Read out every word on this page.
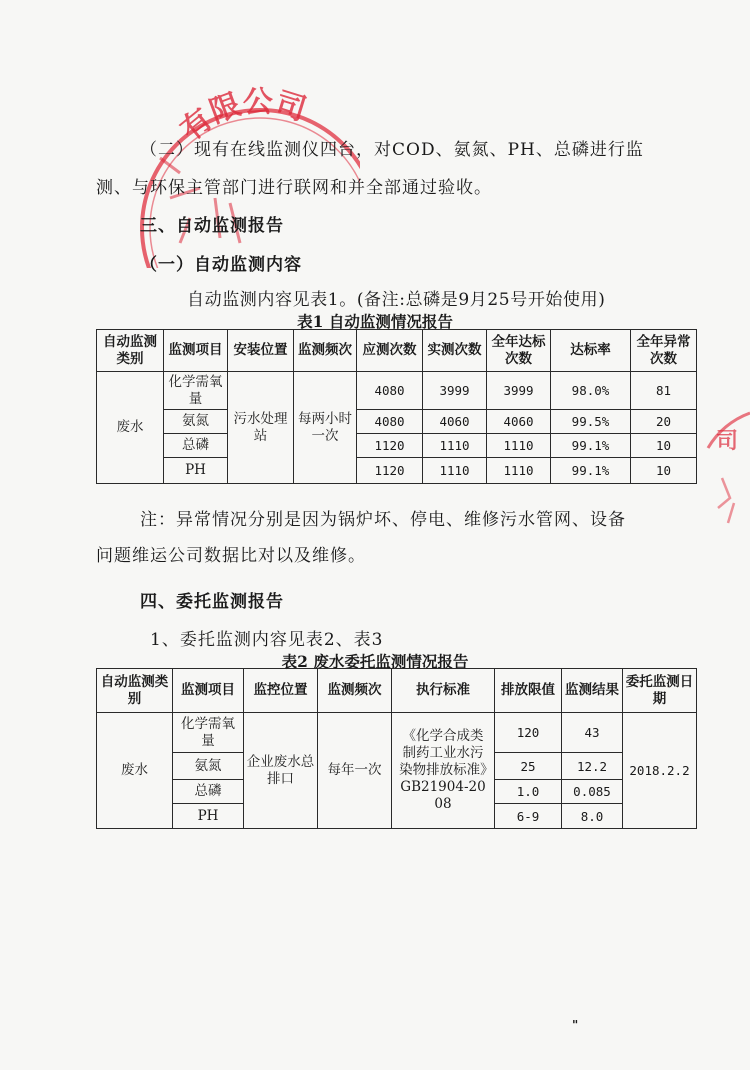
有限公司
司
（二）现有在线监测仪四台，对COD、氨氮、PH、总磷进行监
测、与环保主管部门进行联网和并全部通过验收。
三、自动监测报告
（一）自动监测内容
自动监测内容见表1。(备注:总磷是9月25号开始使用)
表1 自动监测情况报告
自动监测类别	监测项目	安装位置	监测频次	应测次数	实测次数	全年达标次数	达标率	全年异常次数
废水	化学需氧量	污水处理站	每两小时一次	4080	3999	3999	98.0%	81
	氨氮			4080	4060	4060	99.5%	20
	总磷			1120	1110	1110	99.1%	10
	PH			1120	1110	1110	99.1%	10
注：异常情况分别是因为锅炉坏、停电、维修污水管网、设备
问题维运公司数据比对以及维修。
四、委托监测报告
1、委托监测内容见表2、表3
表2 废水委托监测情况报告
自动监测类别	监测项目	监控位置	监测频次	执行标准	排放限值	监测结果	委托监测日期
废水	化学需氧量	企业废水总排口	每年一次	《化学合成类制药工业水污染物排放标准》GB21904-2008	120	43	2018.2.2
	氨氮				25	12.2	
	总磷				1.0	0.085	
	PH				6-9	8.0	
"
